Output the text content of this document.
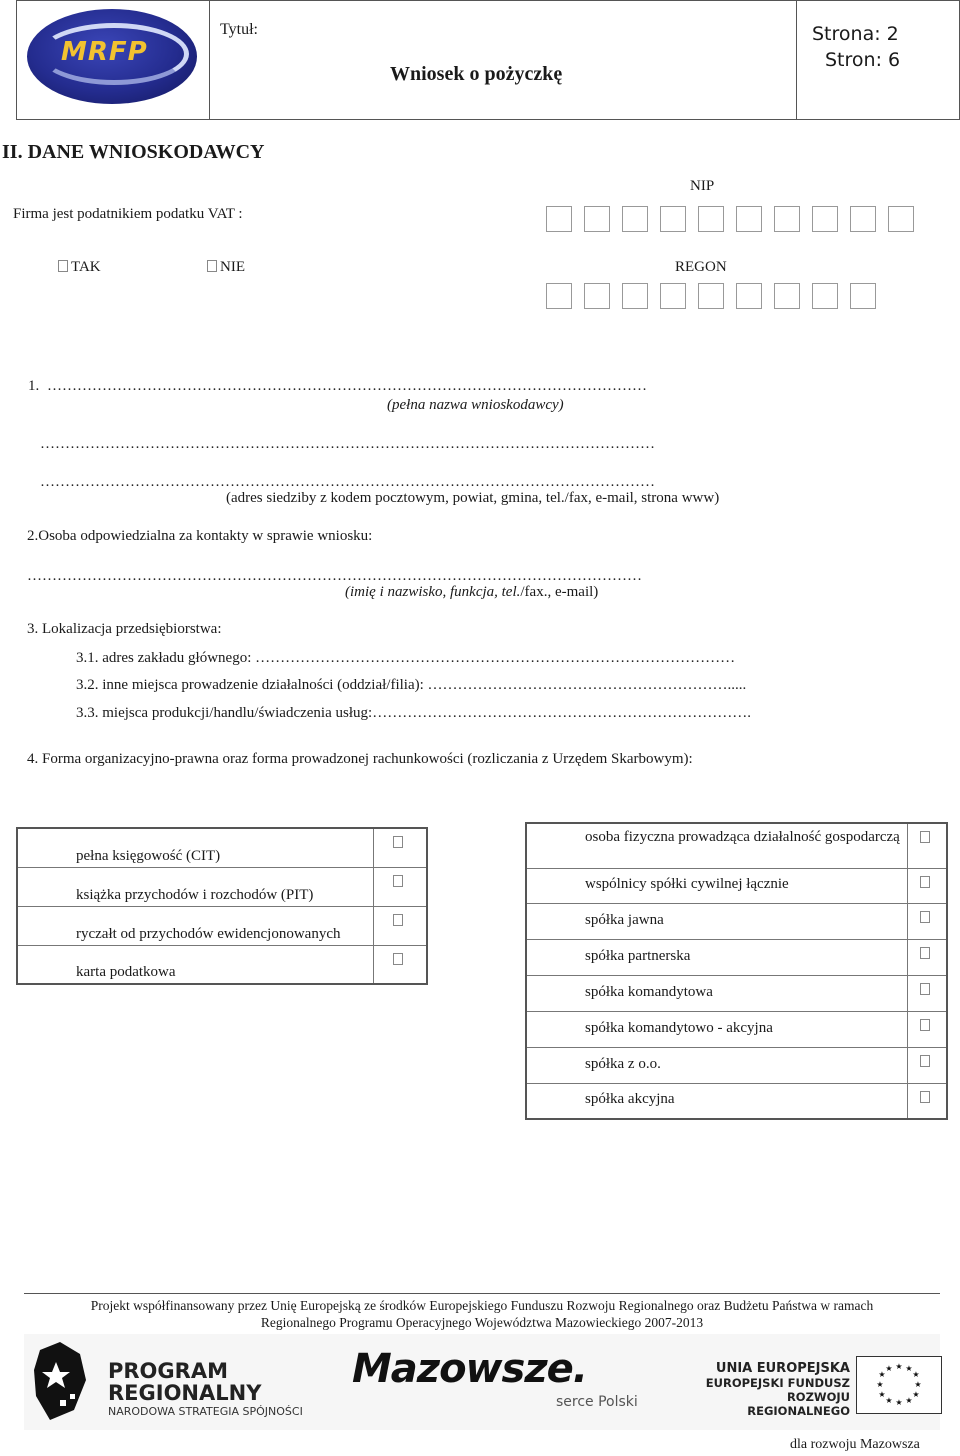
MRFP
Tytuł:
Wniosek o pożyczkę
Strona: 2
Stron: 6
II. DANE WNIOSKODAWCY
NIP
Firma jest podatnikiem podatku VAT :
TAK	NIE	REGON
1. …………………………………………………………………………………………………………
(pełna nazwa wnioskodawcy)
……………………………………………………………………………………………………………
……………………………………………………………………………………………………………
(adres siedziby z kodem pocztowym, powiat, gmina, tel./fax, e-mail, strona www)
2.Osoba odpowiedzialna za kontakty w sprawie wniosku:
……………………………………………………………………………………………………………
(imię i nazwisko, funkcja, tel./fax., e-mail)
3. Lokalizacja przedsiębiorstwa:
3.1. adres zakładu głównego: ……………………………………………………………………………………
3.2. inne miejsca prowadzenie działalności (oddział/filia): …………………………………………………….....
3.3. miejsca produkcji/handlu/świadczenia usług:………………………………………………………………….
4. Forma organizacyjno-prawna oraz forma prowadzonej rachunkowości (rozliczania z Urzędem Skarbowym):
pełna księgowość (CIT)	
książka przychodów i rozchodów (PIT)	
ryczałt od przychodów ewidencjonowanych	
karta podatkowa	
osoba fizyczna prowadząca działalność gospodarczą	
wspólnicy spółki cywilnej łącznie	
spółka jawna	
spółka partnerska	
spółka komandytowa	
spółka komandytowo - akcyjna	
spółka z o.o.	
spółka akcyjna	
Projekt współfinansowany przez Unię Europejską ze środków Europejskiego Funduszu Rozwoju Regionalnego oraz Budżetu Państwa w ramach
Regionalnego Programu Operacyjnego Województwa Mazowieckiego 2007-2013
PROGRAM
REGIONALNY
NARODOWA STRATEGIA SPÓJNOŚCI
Mazowsze.
serce Polski
UNIA EUROPEJSKA
EUROPEJSKI FUNDUSZ
ROZWOJU REGIONALNEGO
★ ★
★
★
★
★
★
★
★
★
★
★
dla rozwoju Mazowsza
